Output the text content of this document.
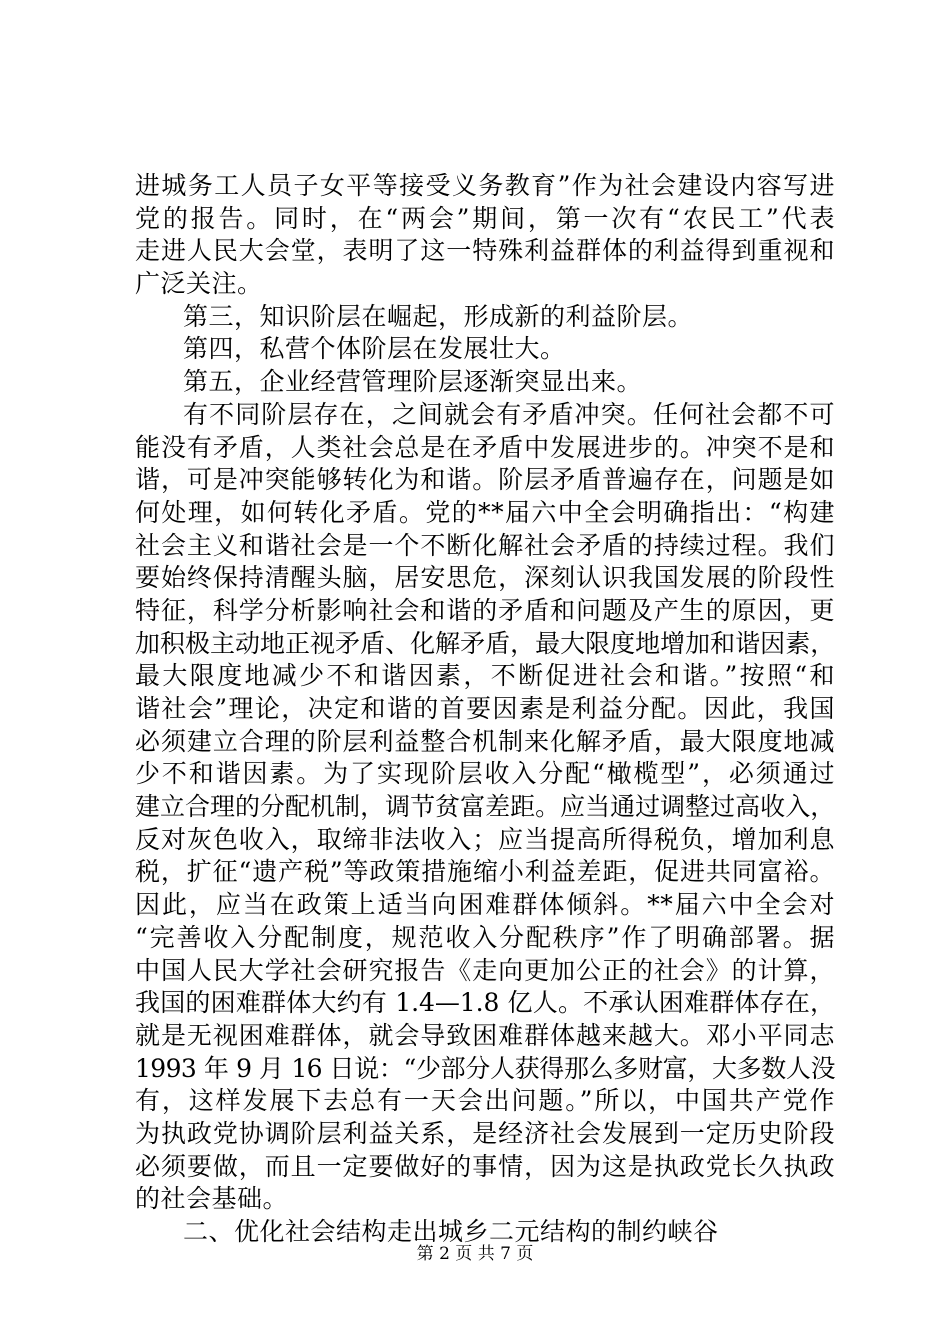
进城务工人员子女平等接受义务教育”作为社会建设内容写进
党的报告。同时，在“两会”期间，第一次有“农民工”代表
走进人民大会堂，表明了这一特殊利益群体的利益得到重视和
广泛关注。
第三，知识阶层在崛起，形成新的利益阶层。
第四，私营个体阶层在发展壮大。
第五，企业经营管理阶层逐渐突显出来。
有不同阶层存在，之间就会有矛盾冲突。任何社会都不可
能没有矛盾，人类社会总是在矛盾中发展进步的。冲突不是和
谐，可是冲突能够转化为和谐。阶层矛盾普遍存在，问题是如
何处理，如何转化矛盾。党的**届六中全会明确指出：“构建
社会主义和谐社会是一个不断化解社会矛盾的持续过程。我们
要始终保持清醒头脑，居安思危，深刻认识我国发展的阶段性
特征，科学分析影响社会和谐的矛盾和问题及产生的原因，更
加积极主动地正视矛盾、化解矛盾，最大限度地增加和谐因素，
最大限度地减少不和谐因素，不断促进社会和谐。”按照“和
谐社会”理论，决定和谐的首要因素是利益分配。因此，我国
必须建立合理的阶层利益整合机制来化解矛盾，最大限度地减
少不和谐因素。为了实现阶层收入分配“橄榄型”，必须通过
建立合理的分配机制，调节贫富差距。应当通过调整过高收入，
反对灰色收入，取缔非法收入；应当提高所得税负，增加利息
税，扩征“遗产税”等政策措施缩小利益差距，促进共同富裕。
因此，应当在政策上适当向困难群体倾斜。**届六中全会对
“完善收入分配制度，规范收入分配秩序”作了明确部署。据
中国人民大学社会研究报告《走向更加公正的社会》的计算，
我国的困难群体大约有 1.4—1.8 亿人。不承认困难群体存在，
就是无视困难群体，就会导致困难群体越来越大。邓小平同志
1993 年 9 月 16 日说：“少部分人获得那么多财富，大多数人没
有，这样发展下去总有一天会出问题。”所以，中国共产党作
为执政党协调阶层利益关系，是经济社会发展到一定历史阶段
必须要做，而且一定要做好的事情，因为这是执政党长久执政
的社会基础。
二、优化社会结构走出城乡二元结构的制约峡谷
第 2 页 共 7 页
